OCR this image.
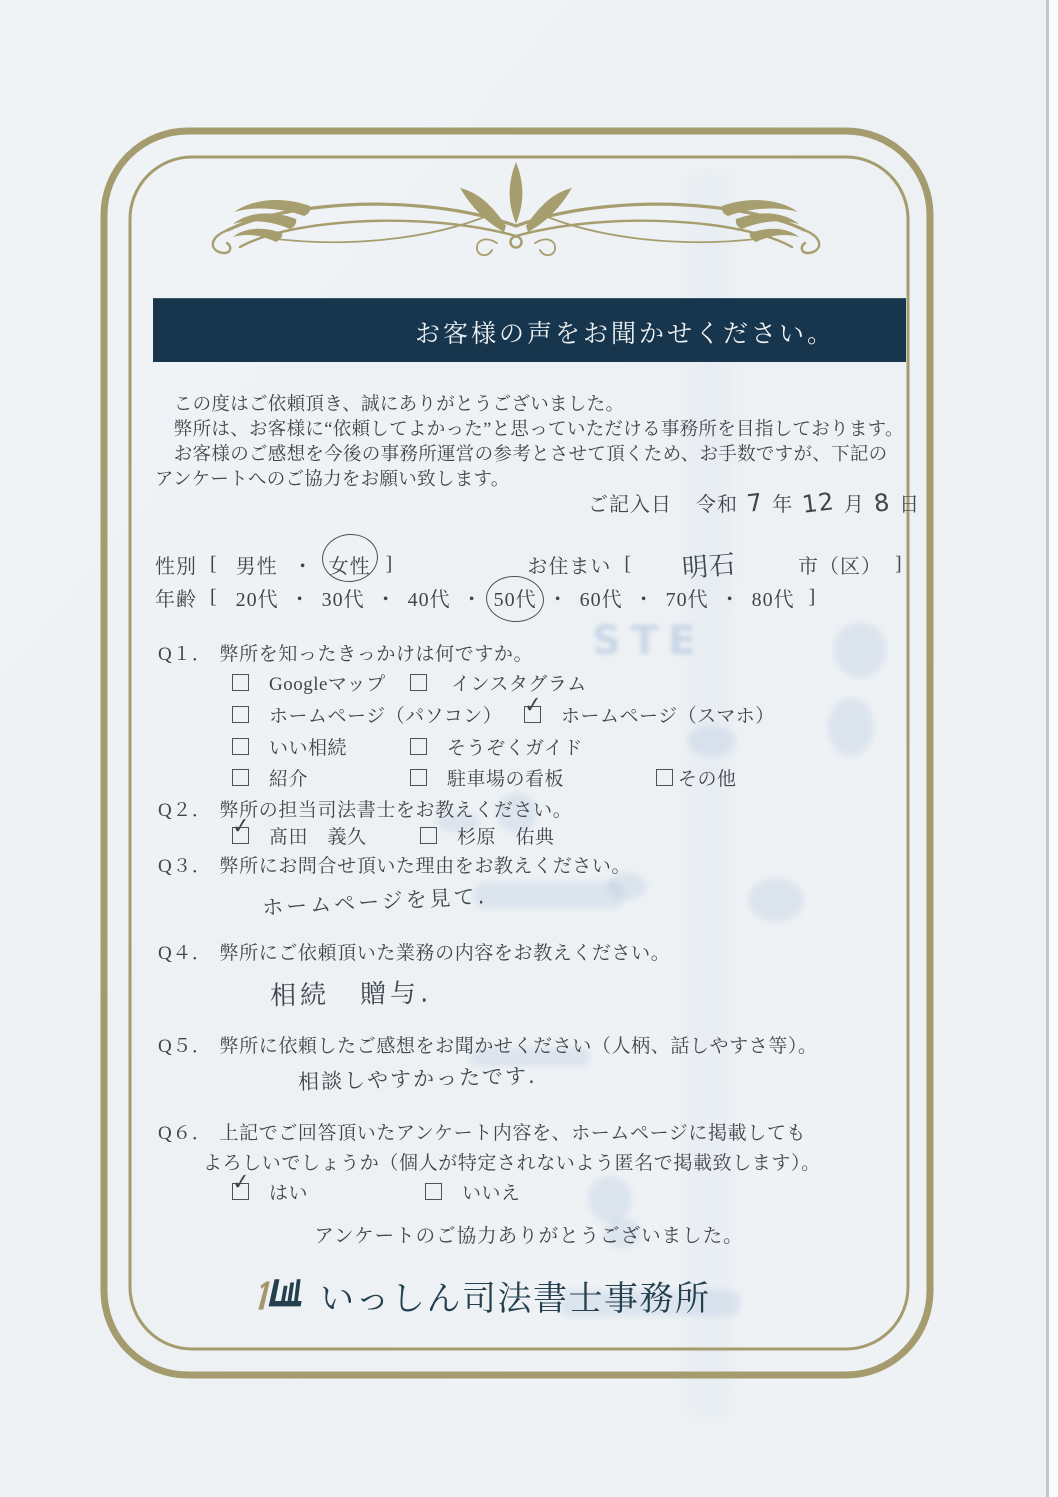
STE
お客様の声をお聞かせください。
　この度はご依頼頂き、誠にありがとうございました。
　弊所は、お客様に“依頼してよかった”と思っていただける事務所を目指しております。
　お客様のご感想を今後の事務所運営の参考とさせて頂くため、お手数ですが、下記の
アンケートへのご協力をお願い致します。
ご記入日 令和 7 年 12 月 8 日
性別 [ 男性 ・ 女性 ]	お住まい [ 明石	市（区） ]
年齢 [ 20代 ・ 30代 ・ 40代 ・ 50代 ・ 60代 ・ 70代 ・ 80代 ]
Q１． 弊所を知ったきっかけは何ですか。
Googleマップ	インスタグラム
ホームページ（パソコン） ✓ ホームページ（スマホ）
いい相続	そうぞくガイド
紹介	駐車場の看板	その他
Q２． 弊所の担当司法書士をお教えください。
✓ 髙田　義久	杉原　佑典
Q３． 弊所にお問合せ頂いた理由をお教えください。
ホームページを見て.
Q４． 弊所にご依頼頂いた業務の内容をお教えください。
相続　贈与.
Q５． 弊所に依頼したご感想をお聞かせください（人柄、話しやすさ等）。
相談しやすかったです.
Q６． 上記でご回答頂いたアンケート内容を、ホームページに掲載しても
よろしいでしょうか（個人が特定されないよう匿名で掲載致します）。
✓ はい	いいえ
アンケートのご協力ありがとうございました。
いっしん司法書士事務所
